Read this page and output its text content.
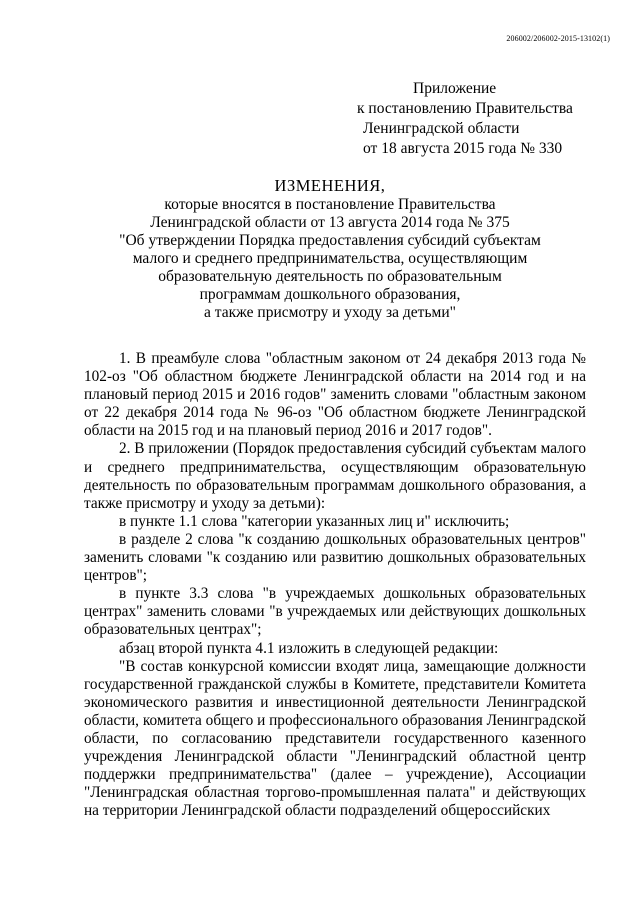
206002/206002-2015-13102(1)
Приложение
к постановлению Правительства
Ленинградской области
от 18 августа 2015 года № 330
ИЗМЕНЕНИЯ,
которые вносятся в постановление Правительства
Ленинградской области от 13 августа 2014 года № 375
"Об утверждении Порядка предоставления субсидий субъектам
малого и среднего предпринимательства, осуществляющим
образовательную деятельность по образовательным
программам дошкольного образования,
а также присмотру и уходу за детьми"

1. В преамбуле слова "областным законом от 24 декабря 2013 года № 102-оз "Об областном бюджете Ленинградской области на 2014 год и на плановый период 2015 и 2016 годов" заменить словами "областным законом от 22 декабря 2014 года № 96-оз "Об областном бюджете Ленинградской области на 2015 год и на плановый период 2016 и 2017 годов".

2. В приложении (Порядок предоставления субсидий субъектам малого и среднего предпринимательства, осуществляющим образовательную деятельность по образовательным программам дошкольного образования, а также присмотру и уходу за детьми):

в пункте 1.1 слова "категории указанных лиц и" исключить;

в разделе 2 слова "к созданию дошкольных образовательных центров" заменить словами "к созданию или развитию дошкольных образовательных центров";

в пункте 3.3 слова "в учреждаемых дошкольных образовательных центрах" заменить словами "в учреждаемых или действующих дошкольных образовательных центрах";

абзац второй пункта 4.1 изложить в следующей редакции:

"В состав конкурсной комиссии входят лица, замещающие должности государственной гражданской службы в Комитете, представители Комитета экономического развития и инвестиционной деятельности Ленинградской области, комитета общего и профессионального образования Ленинградской области, по согласованию представители государственного казенного учреждения Ленинградской области "Ленинградский областной центр поддержки предпринимательства" (далее – учреждение), Ассоциации "Ленинградская областная торгово-промышленная палата" и действующих на территории Ленинградской области подразделений общероссийских
